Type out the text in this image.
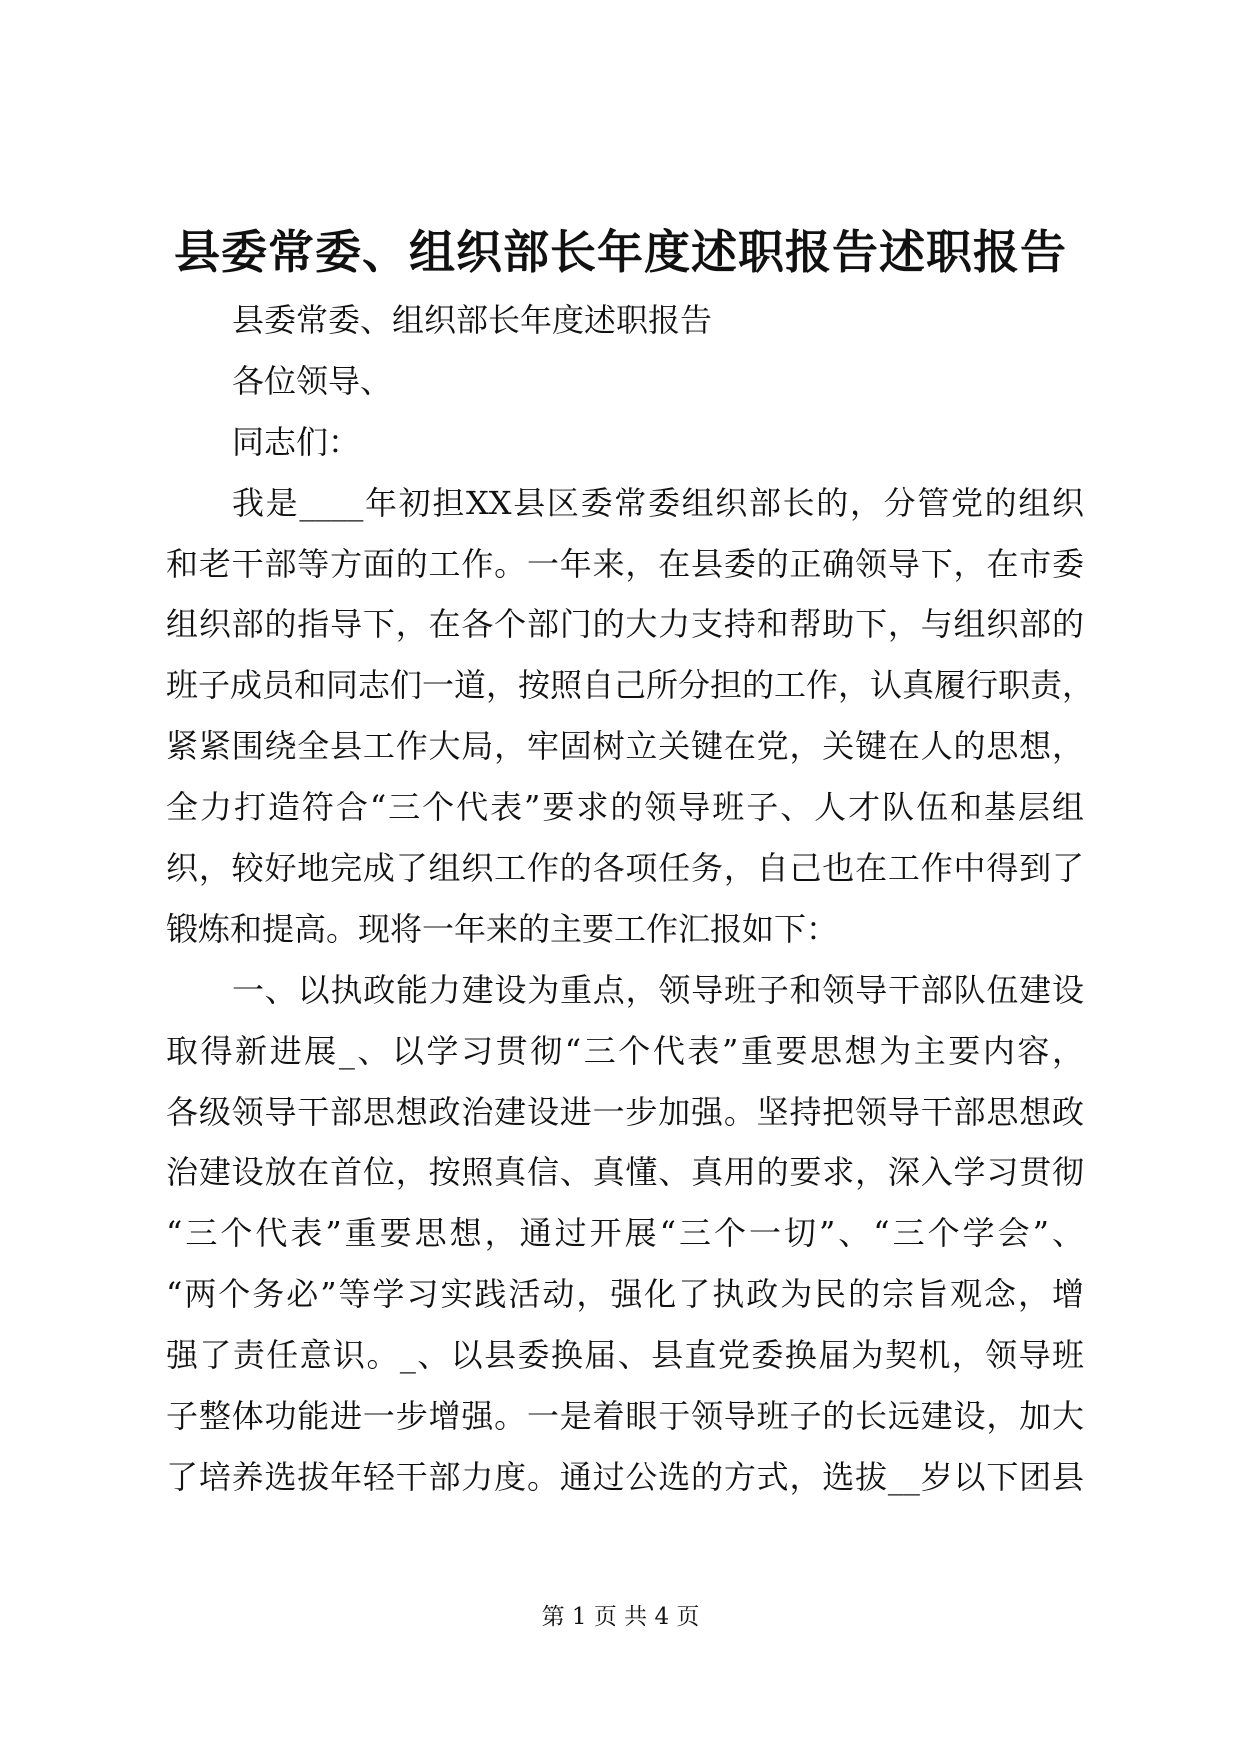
县委常委、组织部长年度述职报告述职报告
县委常委、组织部长年度述职报告
各位领导、
同志们：
我是____年初担XX县区委常委组织部长的，分管党的组织
和老干部等方面的工作。一年来，在县委的正确领导下，在市委
组织部的指导下，在各个部门的大力支持和帮助下，与组织部的
班子成员和同志们一道，按照自己所分担的工作，认真履行职责，
紧紧围绕全县工作大局，牢固树立关键在党，关键在人的思想，
全力打造符合“三个代表”要求的领导班子、人才队伍和基层组
织，较好地完成了组织工作的各项任务，自己也在工作中得到了
锻炼和提高。现将一年来的主要工作汇报如下：
一、以执政能力建设为重点，领导班子和领导干部队伍建设
取得新进展_、以学习贯彻“三个代表”重要思想为主要内容，
各级领导干部思想政治建设进一步加强。坚持把领导干部思想政
治建设放在首位，按照真信、真懂、真用的要求，深入学习贯彻
“三个代表”重要思想，通过开展“三个一切”、“三个学会”、
“两个务必”等学习实践活动，强化了执政为民的宗旨观念，增
强了责任意识。_、以县委换届、县直党委换届为契机，领导班
子整体功能进一步增强。一是着眼于领导班子的长远建设，加大
了培养选拔年轻干部力度。通过公选的方式，选拔__岁以下团县
第 1 页 共 4 页
